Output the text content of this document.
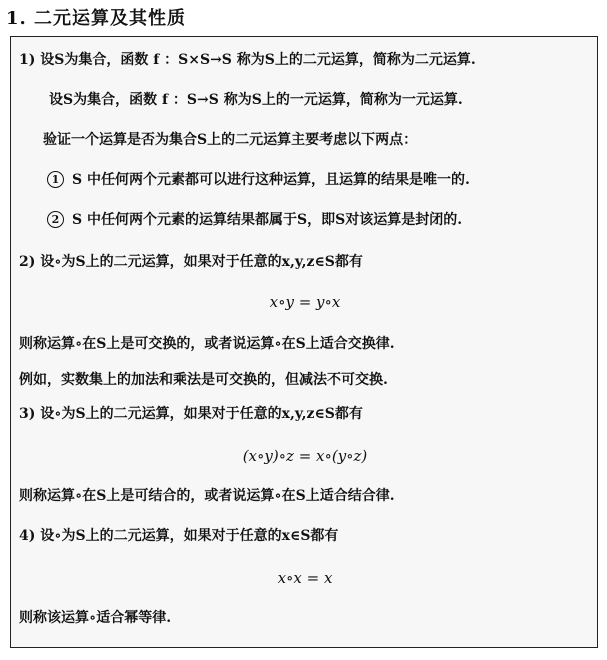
1. 二元运算及其性质
1) 设S为集合，函数 f ：S×S→S 称为S上的二元运算，简称为二元运算.
设S为集合，函数 f ：S→S 称为S上的一元运算，简称为一元运算.
验证一个运算是否为集合S上的二元运算主要考虑以下两点：
1 S 中任何两个元素都可以进行这种运算，且运算的结果是唯一的.
2 S 中任何两个元素的运算结果都属于S，即S对该运算是封闭的.
2) 设∘为S上的二元运算，如果对于任意的x,y,z∈S都有
x∘y = y∘x
则称运算∘在S上是可交换的，或者说运算∘在S上适合交换律.
例如，实数集上的加法和乘法是可交换的，但减法不可交换.
3) 设∘为S上的二元运算，如果对于任意的x,y,z∈S都有
(x∘y)∘z = x∘(y∘z)
则称运算∘在S上是可结合的，或者说运算∘在S上适合结合律.
4) 设∘为S上的二元运算，如果对于任意的x∈S都有
x∘x = x
则称该运算∘适合幂等律.
